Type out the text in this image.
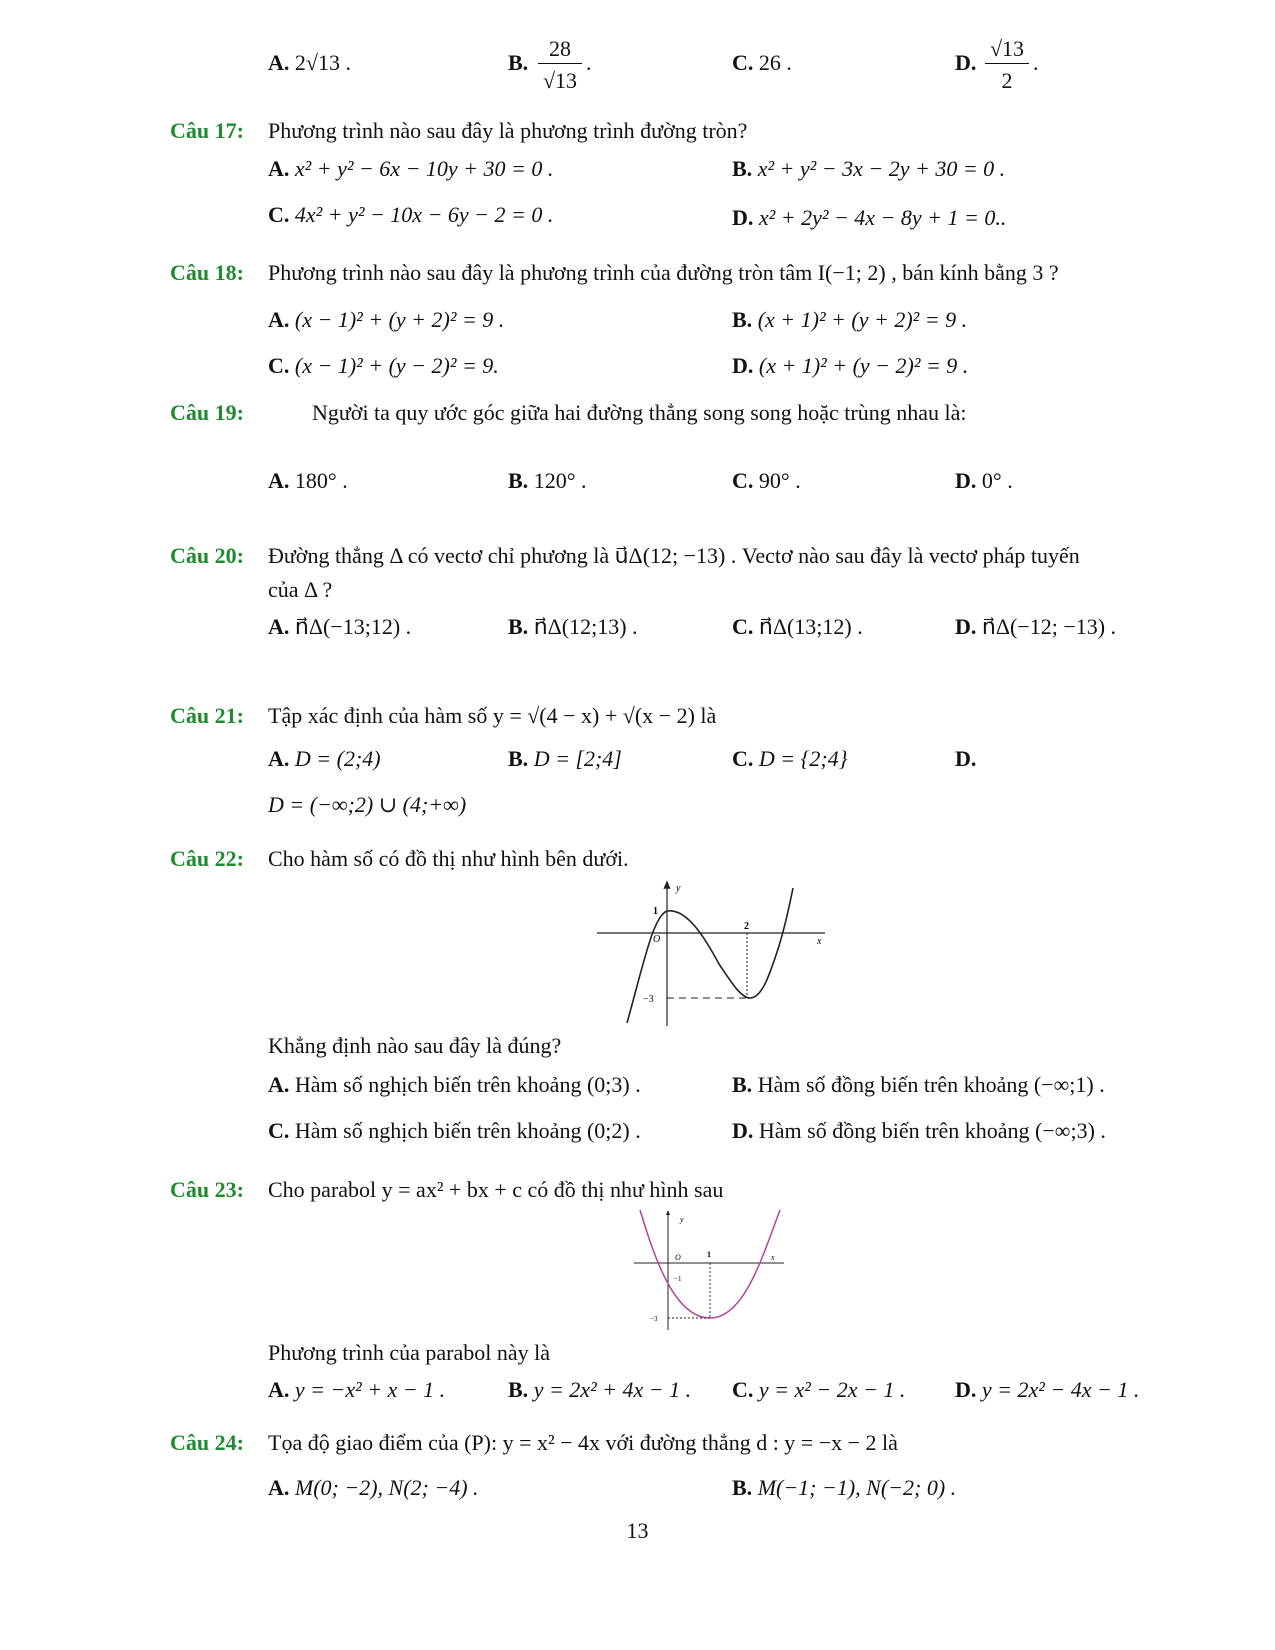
A. 2√13 .	B.
28
√13
.	C. 26 .	D.
√13
2
.
Câu 17: Phương trình nào sau đây là phương trình đường tròn?
A. x² + y² − 6x − 10y + 30 = 0 .	B. x² + y² − 3x − 2y + 30 = 0 .
C. 4x² + y² − 10x − 6y − 2 = 0 .	D. x² + 2y² − 4x − 8y + 1 = 0..
Câu 18: Phương trình nào sau đây là phương trình của đường tròn tâm I(−1; 2) , bán kính bằng 3 ?
A. (x − 1)² + (y + 2)² = 9 .	B. (x + 1)² + (y + 2)² = 9 .
C. (x − 1)² + (y − 2)² = 9.	D. (x + 1)² + (y − 2)² = 9 .
Câu 19:	Người ta quy ước góc giữa hai đường thẳng song song hoặc trùng nhau là:
A. 180° .	B. 120° .	C. 90° .	D. 0° .
Câu 20: Đường thẳng Δ có vectơ chỉ phương là u⃗Δ(12; −13) . Vectơ nào sau đây là vectơ pháp tuyến
của Δ ?
A. n⃗Δ(−13;12) .	B. n⃗Δ(12;13) .	C. n⃗Δ(13;12) .	D. n⃗Δ(−12; −13) .
Câu 21: Tập xác định của hàm số y = √(4 − x) + √(x − 2) là
A. D = (2;4)	B. D = [2;4]	C. D = {2;4}	D.
D = (−∞;2) ∪ (4;+∞)
Câu 22: Cho hàm số có đồ thị như hình bên dưới.
y
x
O
1
−3
2
Khẳng định nào sau đây là đúng?
A. Hàm số nghịch biến trên khoảng (0;3) .	B. Hàm số đồng biến trên khoảng (−∞;1) .
C. Hàm số nghịch biến trên khoảng (0;2) .	D. Hàm số đồng biến trên khoảng (−∞;3) .
Câu 23: Cho parabol y = ax² + bx + c có đồ thị như hình sau
y
x
O	1
−1
−3
Phương trình của parabol này là
A. y = −x² + x − 1 .	B. y = 2x² + 4x − 1 . C. y = x² − 2x − 1 . D. y = 2x² − 4x − 1 .
Câu 24: Tọa độ giao điểm của (P): y = x² − 4x với đường thẳng d : y = −x − 2 là
A. M(0; −2), N(2; −4) .	B. M(−1; −1), N(−2; 0) .
13
